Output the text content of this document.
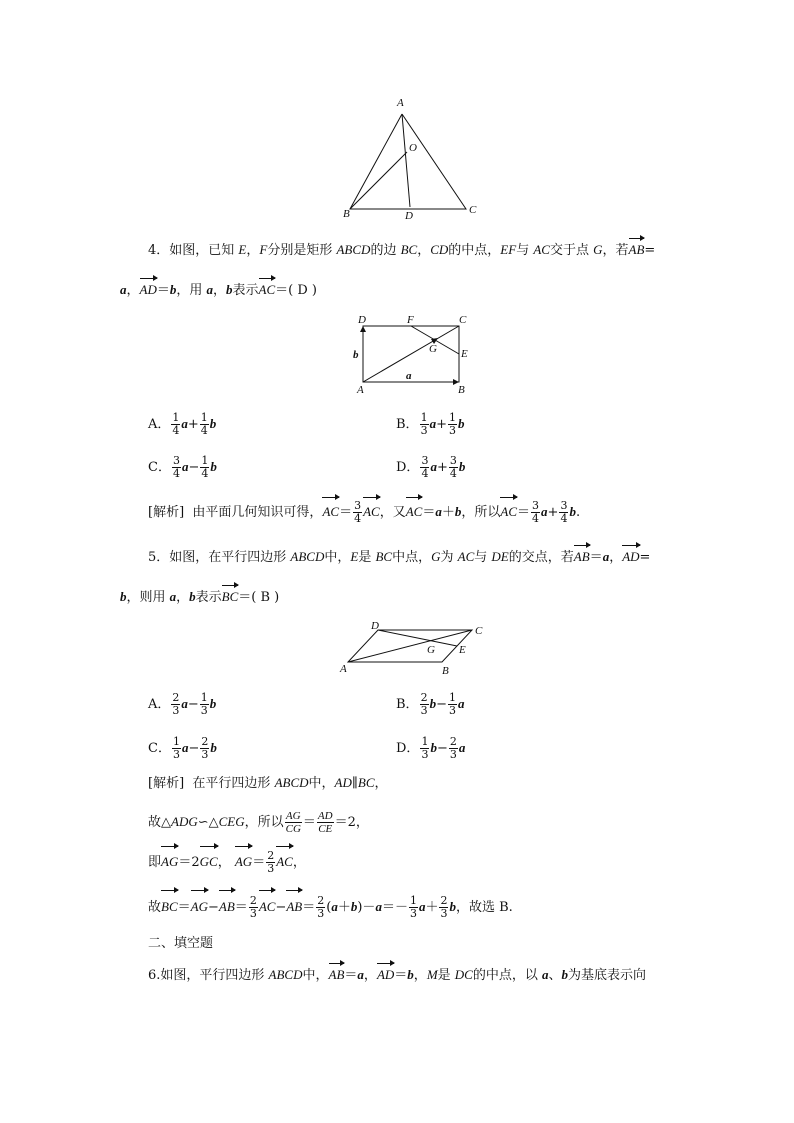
A
O
B	D	C
4．如图，已知 E，F分别是矩形 ABCD的边 BC，CD的中点，EF与 AC交于点 G，若AB=
a，AD＝b，用 a，b表示AC＝( D )
D	F	C
G E
b
A
a
B
A． $\frac{1}{4} a+ \frac{1}{4}$ b	B． $\frac{1}{3} a+ \frac{1}{3}$ b
C． $\frac{3}{4} a- \frac{1}{4}$ b	D． $\frac{3}{4} a+ \frac{3}{4}$ b
[解析] 由平面几何知识可得，$AC= \frac{3}{4}$ AC，又AC＝a＋b，所以$AC= \frac{3}{4} a+ \frac{3}{4} b$.
5．如图，在平行四边形 ABCD中，E是 BC中点，G为 AC与 DE的交点，若AB＝a，AD=
b，则用 a，b表示BC＝( B )
D	C
G E
A	B
A． $\frac{2}{3} a- \frac{1}{3}$ b	B． $\frac{2}{3} b- \frac{1}{3}$ a
C． $\frac{1}{3} a- \frac{2}{3}$ b	D． $\frac{1}{3} b- \frac{2}{3}$ a
[解析] 在平行四边形 ABCD中，AD∥BC，
故△ADG∽△CEG，所以 $\frac{AG}{CG} = \frac{AD}{CE} =2$，
即AG＝2GC， $AG= \frac{2}{3}$ AC，
故$BC=AG-AB= \frac{2}{3} AC-AB= \frac{2}{3} (a+b)-a=- \frac{1}{3} a+ \frac{2}{3}$ b，故选 B.
二、填空题
6.如图，平行四边形 ABCD中，AB＝a，AD＝b，M是 DC的中点，以 a、b为基底表示向
